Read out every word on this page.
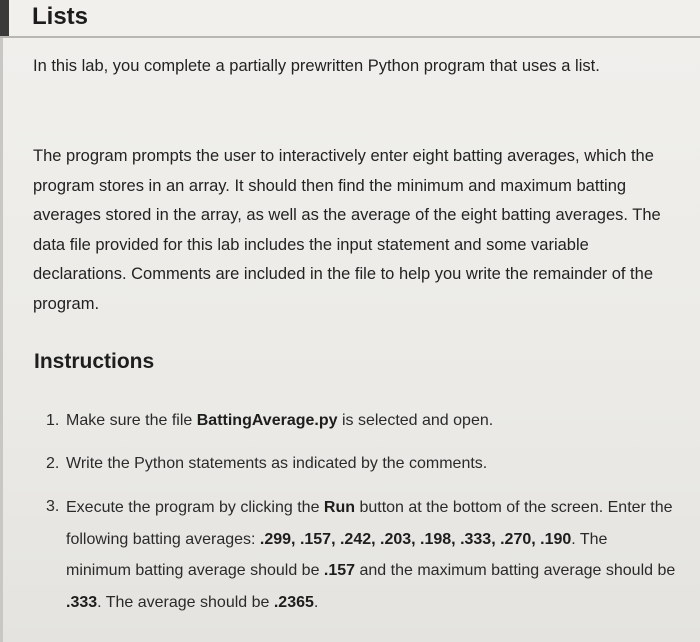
Lists

In this lab, you complete a partially prewritten Python program that uses a list.

The program prompts the user to interactively enter eight batting averages, which the program stores in an array. It should then find the minimum and maximum batting averages stored in the array, as well as the average of the eight batting averages. The data file provided for this lab includes the input statement and some variable declarations. Comments are included in the file to help you write the remainder of the program.

Instructions
1. Make sure the file BattingAverage.py is selected and open.
2. Write the Python statements as indicated by the comments.
3. Execute the program by clicking the Run button at the bottom of the screen. Enter the following batting averages: .299, .157, .242, .203, .198, .333, .270, .190. The minimum batting average should be .157 and the maximum batting average should be .333. The average should be .2365.
